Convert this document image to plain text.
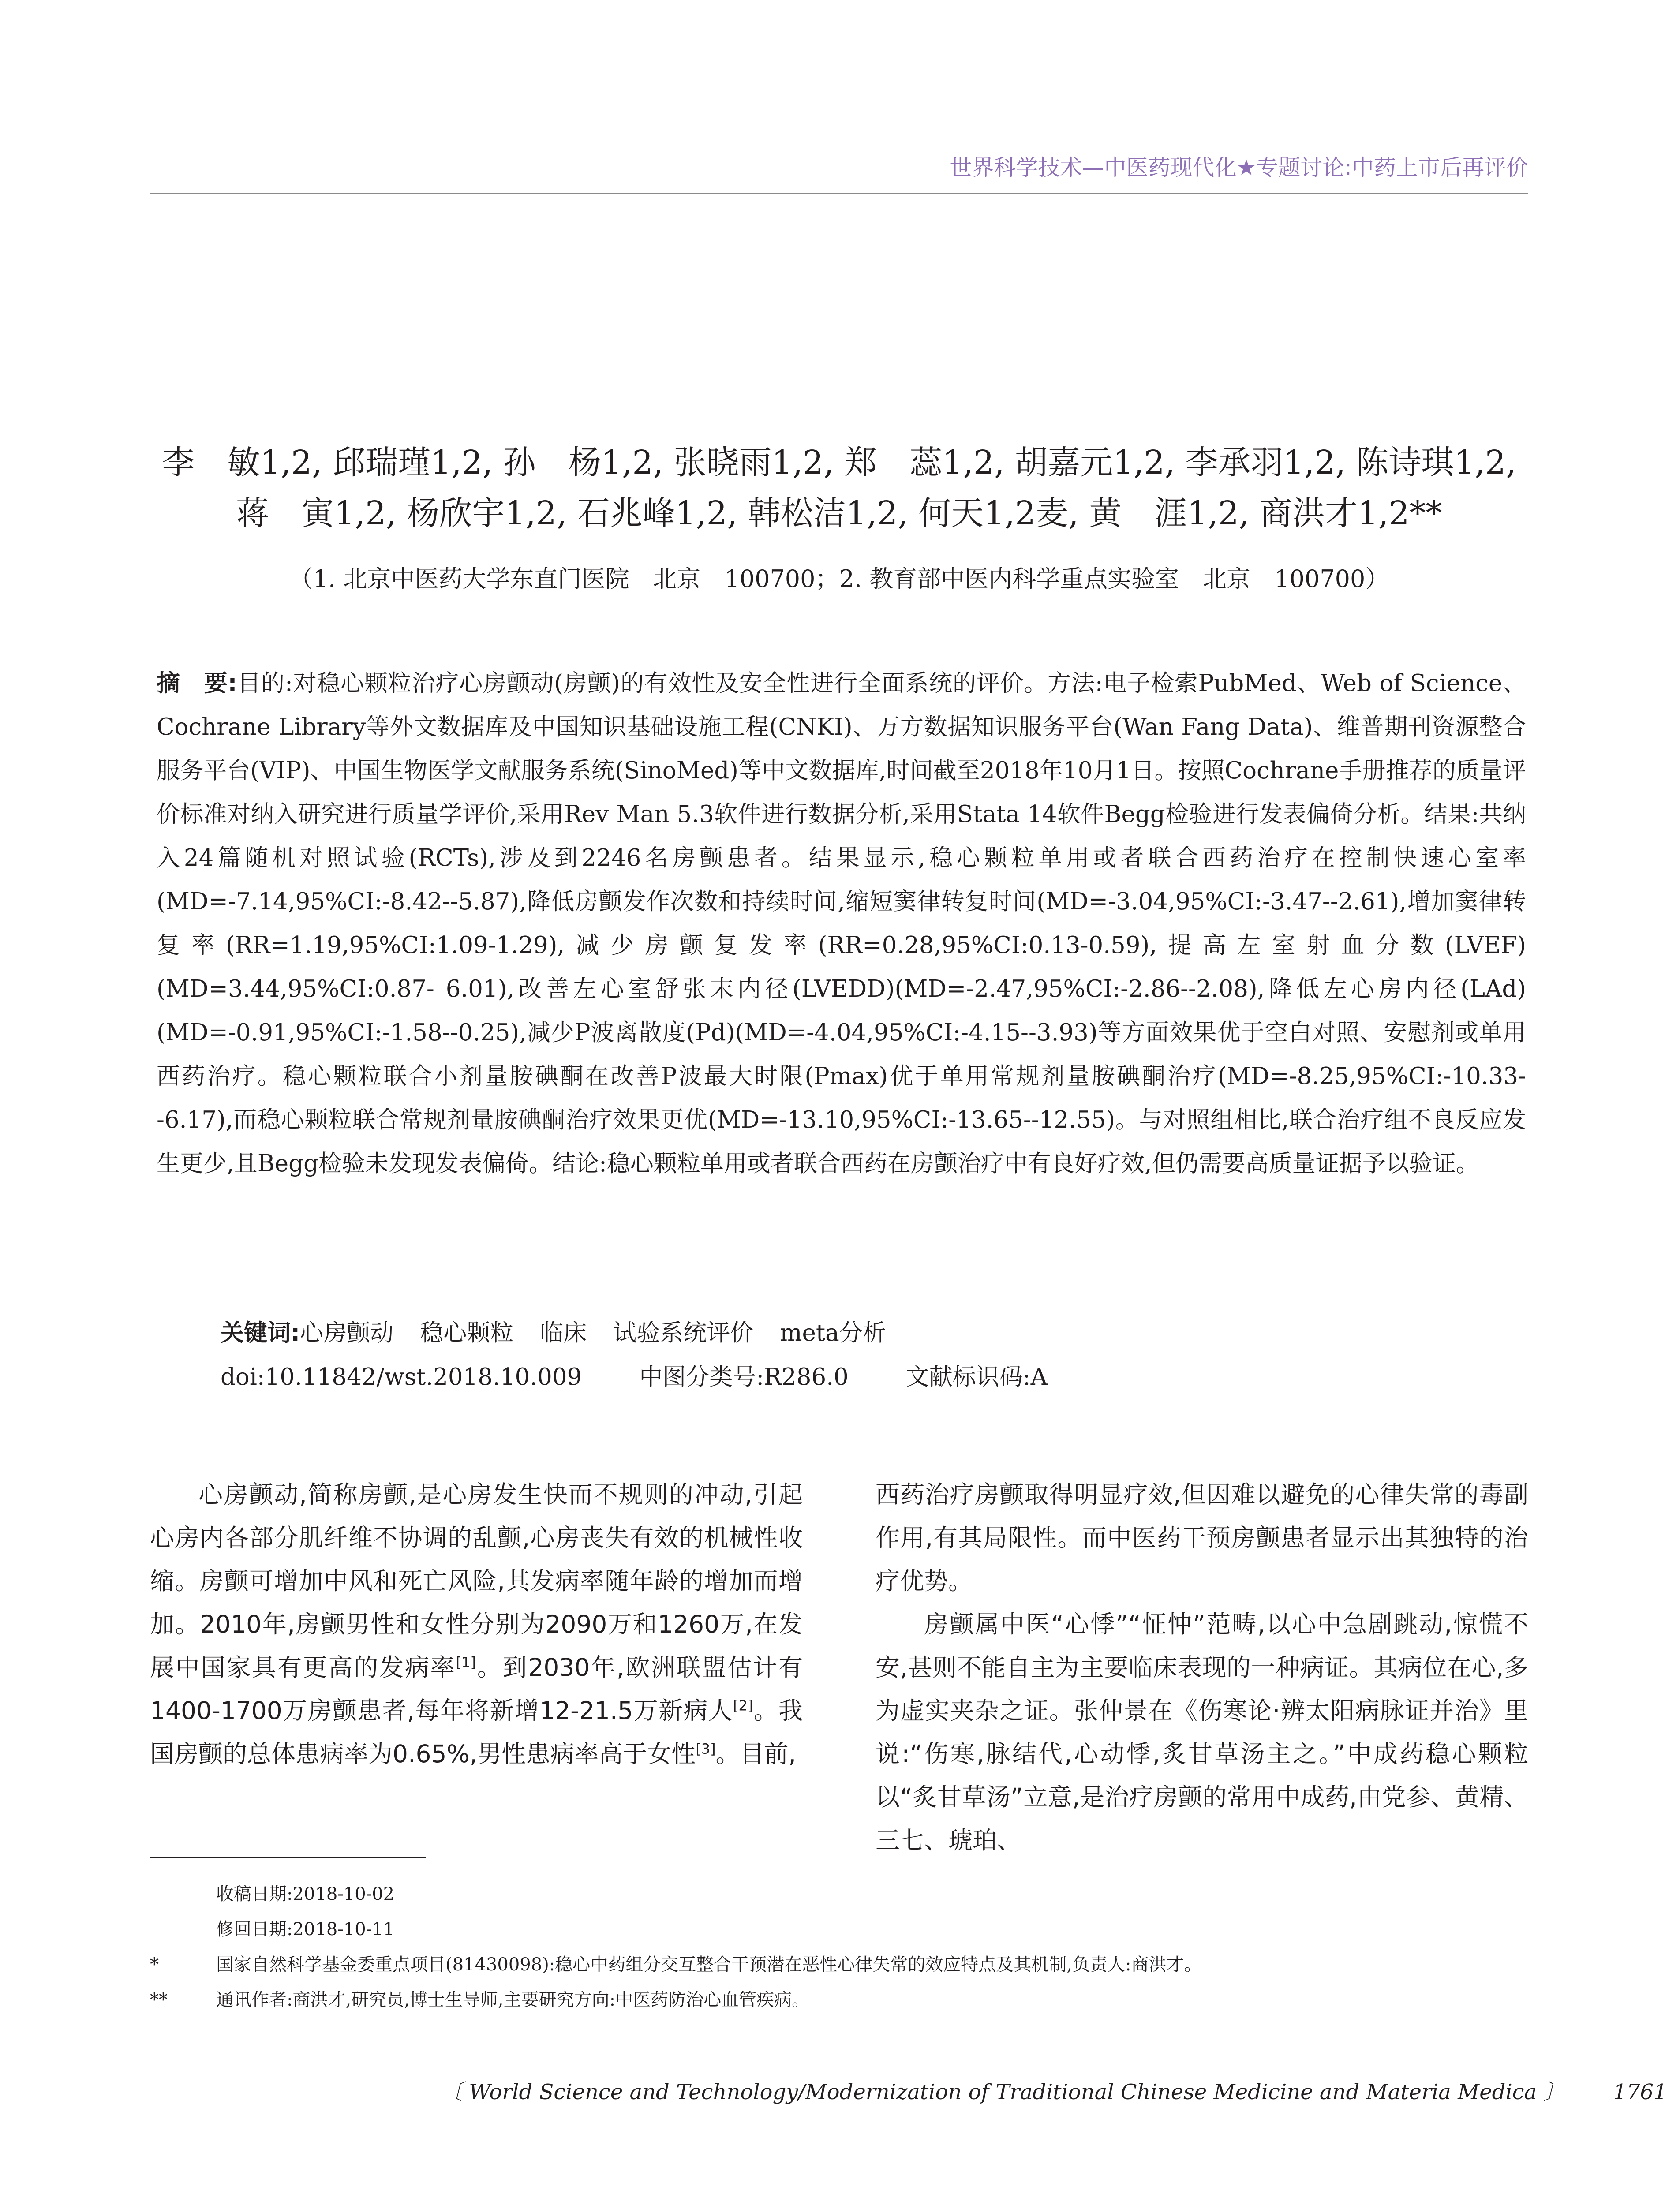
世界科学技术—中医药现代化★专题讨论:中药上市后再评价
李　敏1,2, 邱瑞瑾1,2, 孙　杨1,2, 张晓雨1,2, 郑　蕊1,2, 胡嘉元1,2, 李承羽1,2, 陈诗琪1,2,
蒋　寅1,2, 杨欣宇1,2, 石兆峰1,2, 韩松洁1,2, 何天1,2麦, 黄　涯1,2, 商洪才1,2**
（1. 北京中医药大学东直门医院　北京　100700；2. 教育部中医内科学重点实验室　北京　100700）
摘　要:目的:对稳心颗粒治疗心房颤动(房颤)的有效性及安全性进行全面系统的评价。方法:电子检索PubMed、Web of Science、Cochrane Library等外文数据库及中国知识基础设施工程(CNKI)、万方数据知识服务平台(Wan Fang Data)、维普期刊资源整合服务平台(VIP)、中国生物医学文献服务系统(SinoMed)等中文数据库,时间截至2018年10月1日。按照Cochrane手册推荐的质量评价标准对纳入研究进行质量学评价,采用Rev Man 5.3软件进行数据分析,采用Stata 14软件Begg检验进行发表偏倚分析。结果:共纳入24篇随机对照试验(RCTs),涉及到2246名房颤患者。结果显示,稳心颗粒单用或者联合西药治疗在控制快速心室率(MD=-7.14,95%CI:-8.42--5.87),降低房颤发作次数和持续时间,缩短窦律转复时间(MD=-3.04,95%CI:-3.47--2.61),增加窦律转复率(RR=1.19,95%CI:1.09-1.29),减少房颤复发率(RR=0.28,95%CI:0.13-0.59),提高左室射血分数(LVEF)(MD=3.44,95%CI:0.87- 6.01),改善左心室舒张末内径(LVEDD)(MD=-2.47,95%CI:-2.86--2.08),降低左心房内径(LAd)(MD=-0.91,95%CI:-1.58--0.25),减少P波离散度(Pd)(MD=-4.04,95%CI:-4.15--3.93)等方面效果优于空白对照、安慰剂或单用西药治疗。稳心颗粒联合小剂量胺碘酮在改善P波最大时限(Pmax)优于单用常规剂量胺碘酮治疗(MD=-8.25,95%CI:-10.33--6.17),而稳心颗粒联合常规剂量胺碘酮治疗效果更优(MD=-13.10,95%CI:-13.65--12.55)。与对照组相比,联合治疗组不良反应发生更少,且Begg检验未发现发表偏倚。结论:稳心颗粒单用或者联合西药在房颤治疗中有良好疗效,但仍需要高质量证据予以验证。
关键词:心房颤动 稳心颗粒 临床 试验系统评价 meta分析
doi:10.11842/wst.2018.10.009 中图分类号:R286.0 文献标识码:A

心房颤动,简称房颤,是心房发生快而不规则的冲动,引起心房内各部分肌纤维不协调的乱颤,心房丧失有效的机械性收缩。房颤可增加中风和死亡风险,其发病率随年龄的增加而增加。2010年,房颤男性和女性分别为2090万和1260万,在发展中国家具有更高的发病率[1]。到2030年,欧洲联盟估计有1400-1700万房颤患者,每年将新增12-21.5万新病人[2]。我国房颤的总体患病率为0.65%,男性患病率高于女性[3]。目前,

西药治疗房颤取得明显疗效,但因难以避免的心律失常的毒副作用,有其局限性。而中医药干预房颤患者显示出其独特的治疗优势。

房颤属中医“心悸”“怔忡”范畴,以心中急剧跳动,惊慌不安,甚则不能自主为主要临床表现的一种病证。其病位在心,多为虚实夹杂之证。张仲景在《伤寒论·辨太阳病脉证并治》里说:“伤寒,脉结代,心动悸,炙甘草汤主之。”中成药稳心颗粒以“炙甘草汤”立意,是治疗房颤的常用中成药,由党参、黄精、三七、琥珀、

收稿日期:2018-10-02
修回日期:2018-10-11
*	国家自然科学基金委重点项目(81430098):稳心中药组分交互整合干预潜在恶性心律失常的效应特点及其机制,负责人:商洪才。
**	通讯作者:商洪才,研究员,博士生导师,主要研究方向:中医药防治心血管疾病。
〔 World Science and Technology/Modernization of Traditional Chinese Medicine and Materia Medica 〕 1761
